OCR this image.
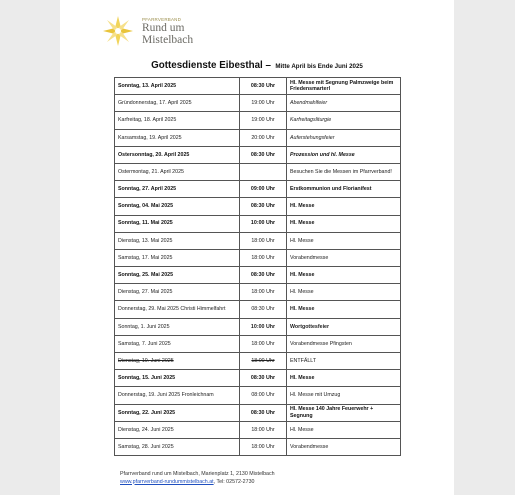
PFARRVERBAND
Rund um
Mistelbach
Gottesdienste Eibesthal – Mitte April bis Ende Juni 2025
Sonntag, 13. April 2025	08:30 Uhr	Hl. Messe mit Segnung Palmzweige beim Friedensmarterl
Gründonnerstag, 17. April 2025	19:00 Uhr	Abendmahlfeier
Karfreitag, 18. April 2025	19:00 Uhr	Karfreitagsliturgie
Karsamstag, 19. April 2025	20:00 Uhr	Auferstehungsfeier
Ostersonntag, 20. April 2025	08:30 Uhr	Prozession und hl. Messe
Ostermontag, 21. April 2025		Besuchen Sie die Messen im Pfarrverband!
Sonntag, 27. April 2025	09:00 Uhr	Erstkommunion und Florianifest
Sonntag, 04. Mai 2025	08:30 Uhr	Hl. Messe
Sonntag, 11. Mai 2025	10:00 Uhr	Hl. Messe
Dienstag, 13. Mai 2025	18:00 Uhr	Hl. Messe
Samstag, 17. Mai 2025	18:00 Uhr	Vorabendmesse
Sonntag, 25. Mai 2025	08:30 Uhr	Hl. Messe
Dienstag, 27. Mai 2025	18:00 Uhr	Hl. Messe
Donnerstag, 29. Mai 2025 Christi Himmelfahrt	08:30 Uhr	Hl. Messe
Sonntag, 1. Juni 2025	10:00 Uhr	Wortgottesfeier
Samstag, 7. Juni 2025	18:00 Uhr	Vorabendmesse Pfingsten
Dienstag, 10. Juni 2025	18:00 Uhr	ENTFÄLLT
Sonntag, 15. Juni 2025	08:30 Uhr	Hl. Messe
Donnerstag, 19. Juni 2025 Fronleichnam	08:00 Uhr	Hl. Messe mit Umzug
Sonntag, 22. Juni 2025	08:30 Uhr	Hl. Messe 140 Jahre Feuerwehr + Segnung
Dienstag, 24. Juni 2025	18:00 Uhr	Hl. Messe
Samstag, 28. Juni 2025	18:00 Uhr	Vorabendmesse
Pfarrverband rund um Mistelbach, Marienplatz 1, 2130 Mistelbach
www.pfarrverband-rundummistelbach.at, Tel: 02572-2730
